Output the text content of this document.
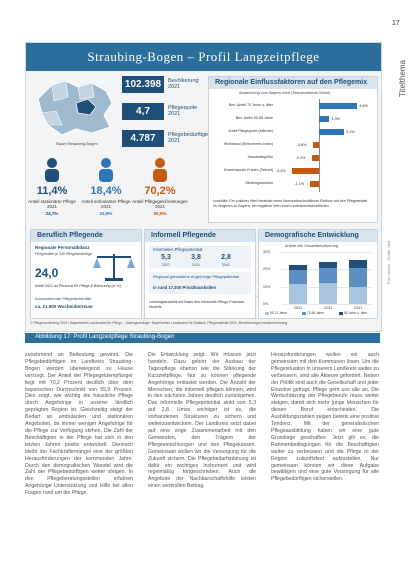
17
Titelthema
Foto: privat · Grafik: MdL
Straubing-Bogen – Profil Langzeitpflege
Raum Straubing-Bogen
102.398	Bevölkerung 2021
4,7	Pflegequote 2021
4.787	Pflegebedürftige 2021
11,4%	18,4%	70,2%
Anteil stationärer Pflege 2021
Anteil ambulanter Pflege 2021
Anteil Pflegegeld-leistungen 2021
24,7%	24,9%	55,9%
Regionale Einflussfaktoren auf den Pflegemix
Abweichung vom Bayern-Wert (Standardisierte Werte)
Bev.-Anteil 75 Jahre u. älter	4,8%
Bev.-Anteil 50-65 Jahre	1,3%
Anteil Pflegequote (Männer)	3,1%
Wohlstand (Einkommen-Index)	-0,8%
Haushaltsgröße	-0,9%
Erwerbsquote Frauen (Teilzeit) -3,4%
Siedlungsstruktur	-1,1%
Lesehilfe: Ein positiver Wert bedeutet einen überdurchschnittlichen Einfluss auf den Pflegebedarf im Vergleich zu Bayern; ein negativer Wert einen unterdurchschnittlichen.
Beruflich Pflegende
Regionale Personalbilanz
Pflegekräfte je 100 Pflegebedürftige
24,0
Anteil 2021 an Personal für Pflege & Betreuung (in %)
Auszubildende Pflegefachkräfte
ca. 21.900 Wochenbetreuer
Informell Pflegende
Informelles Pflegepotential
5,3	3,8	2,8
2021	2031	2041
Regional gebundene Angehörige Pflegepotential
in rund 17.200 Privathaushalten
Leistungsausweis auf Basis des Informelle-Pflege-Potenzial-Modells
Demografische Entwicklung
Anteile am Gesamtbevölkerung
30%
20%
10%
0%
2021	2031	2041
65-74 Jahre	75-84 Jahre	85 Jahre u. älter
© Pflegemonitoring 2023 / Bayerisches Landesamt für Pflege – Datengrundlage: Bayerisches Landesamt für Statistik, Pflegestatistik 2021; Bevölkerungsvorausberechnung
Abbildung 17: Profil Langzeitpflege Straubing-Bogen
zunehmend an Bedeutung gewinnt. Die Pflegebedürftigen im Landkreis Straubing-Bogen werden überwiegend zu Hause versorgt. Der Anteil der Pflegegeldempfänger liegt mit 70,2 Prozent deutlich über dem bayerischen Durchschnitt von 55,9 Prozent. Dies zeigt, wie wichtig die häusliche Pflege durch Angehörige in unserer ländlich geprägten Region ist. Gleichzeitig steigt der Bedarf an ambulanten und stationären Angeboten, da immer weniger Angehörige für die Pflege zur Verfügung stehen. Die Zahl der Beschäftigten in der Pflege hat sich in den letzten Jahren positiv entwickelt. Dennoch bleibt der Fachkräftemangel eine der größten Herausforderungen der kommenden Jahre. Durch den demografischen Wandel wird die Zahl der Pflegebedürftigen weiter steigen. In den Pflegeberatungsstellen erfahren Angehörige Unterstützung und Hilfe bei allen Fragen rund um die Pflege.
Die Entwicklung zeigt: Wir müssen jetzt handeln. Dazu gehört der Ausbau der Tagespflege ebenso wie die Stärkung der Kurzzeitpflege. Nur so können pflegende Angehörige entlastet werden. Die Anzahl der Menschen, die informell pflegen können, wird in den nächsten Jahren deutlich zurückgehen. Das informelle Pflegepotential sinkt von 5,3 auf 2,8. Umso wichtiger ist es, die vorhandenen Strukturen zu sichern und weiterzuentwickeln. Der Landkreis setzt dabei auf eine enge Zusammenarbeit mit den Gemeinden, den Trägern der Pflegeeinrichtungen und den Pflegekassen. Gemeinsam wollen wir die Versorgung für die Zukunft sichern. Die Pflegebedarfsplanung ist dafür ein wichtiges Instrument und wird regelmäßig fortgeschrieben. Auch die Angebote der Nachbarschaftshilfe leisten einen wertvollen Beitrag.
Herausforderungen wollen wir auch gemeinsam mit den Kommunen lösen. Um die Pflegesituation in unserem Landkreis weiter zu verbessern, sind alle Akteure gefordert. Neben der Politik sind auch die Gesellschaft und jeder Einzelne gefragt. Pflege geht uns alle an. Die Wertschätzung der Pflegeberufe muss weiter steigen, damit sich mehr junge Menschen für diesen Beruf entscheiden. Die Ausbildungszahlen zeigen bereits eine positive Tendenz. Mit der generalistischen Pflegeausbildung haben wir eine gute Grundlage geschaffen. Jetzt gilt es, die Rahmenbedingungen für die Beschäftigten weiter zu verbessern und die Pflege in der Region zukunftsfest aufzustellen. Nur gemeinsam können wir diese Aufgabe bewältigen und eine gute Versorgung für alle Pflegebedürftigen sicherstellen.
